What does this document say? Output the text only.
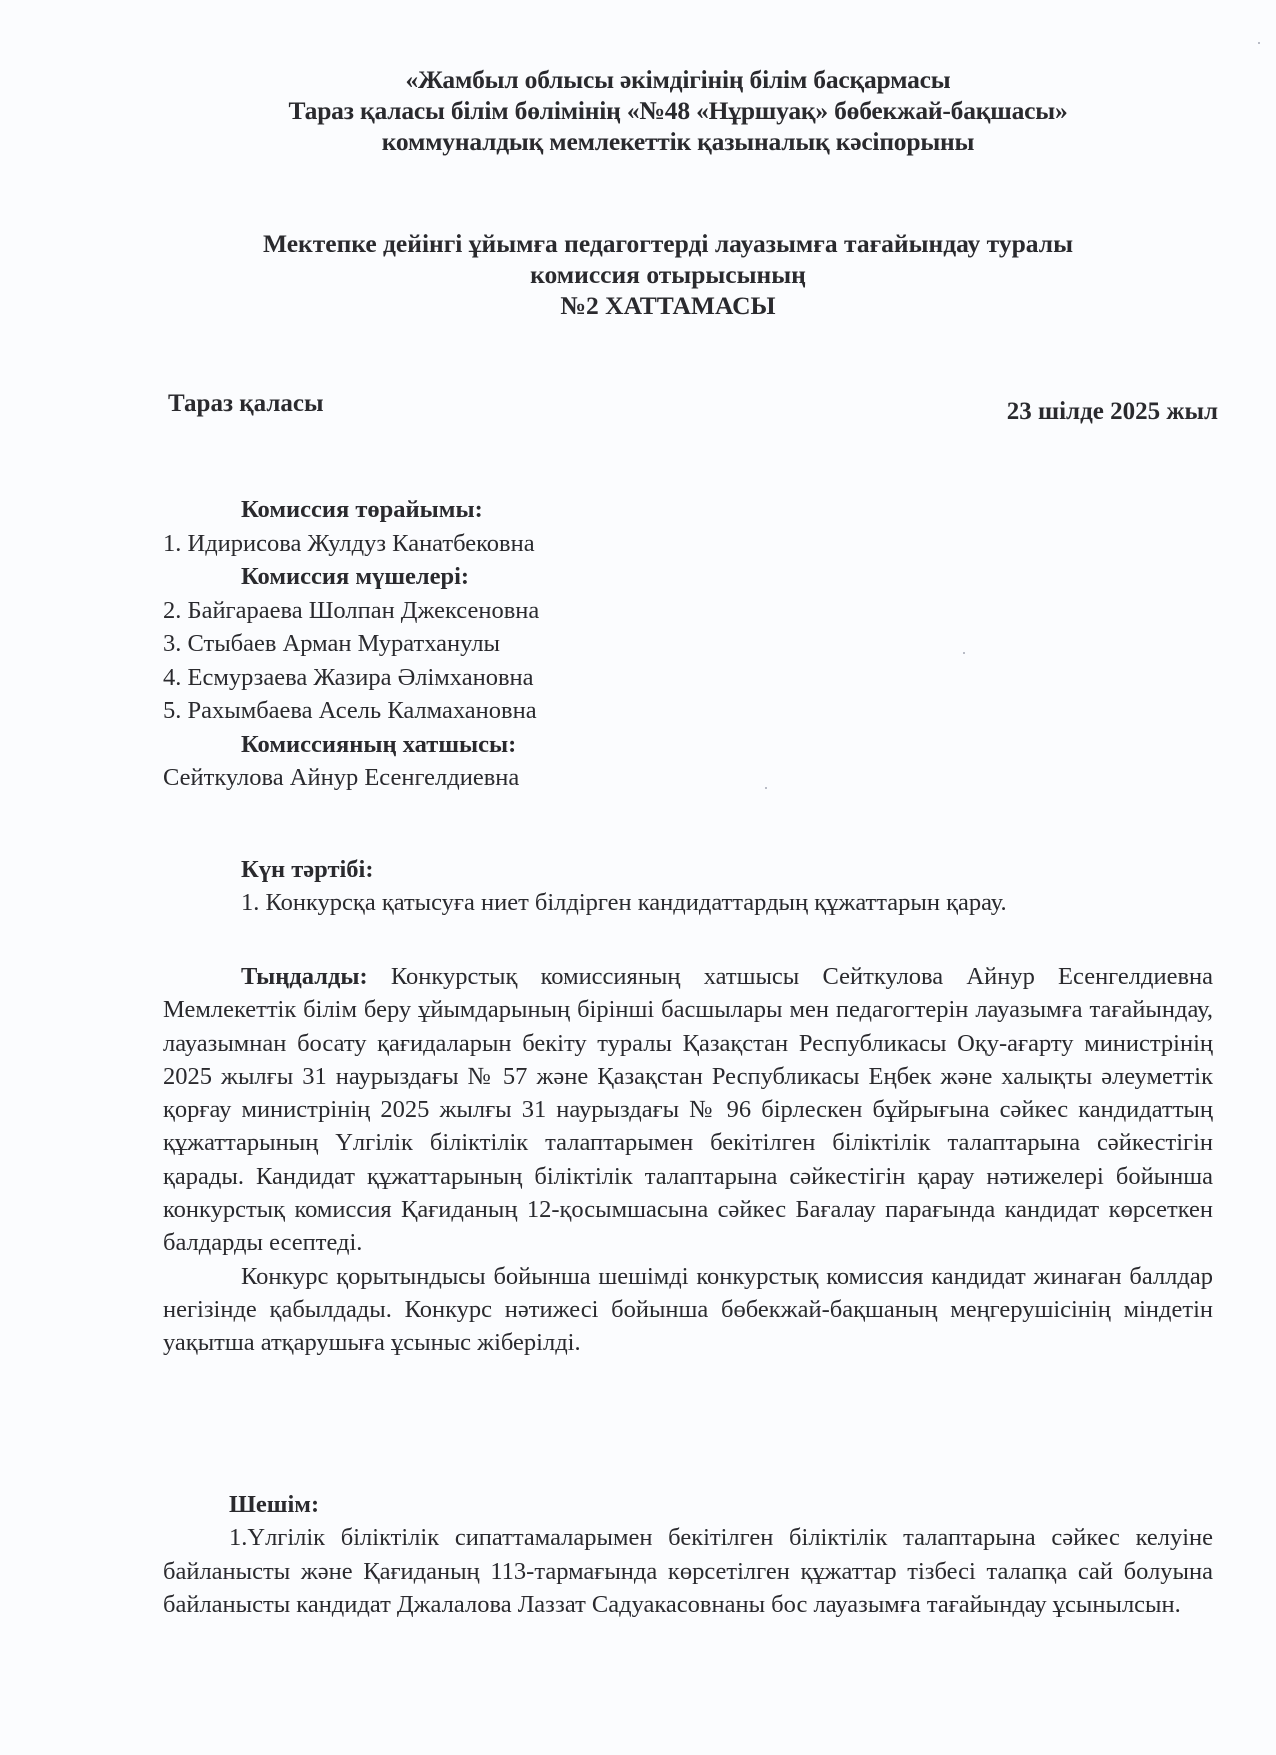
«Жамбыл облысы әкімдігінің білім басқармасы
Тараз қаласы білім бөлімінің «№48 «Нұршуақ» бөбекжай-бақшасы»
коммуналдық мемлекеттік қазыналық кәсіпорыны
Мектепке дейінгі ұйымға педагогтерді лауазымға тағайындау туралы
комиссия отырысының
№2 ХАТТАМАСЫ
Тараз қаласы	23 шілде 2025 жыл
Комиссия төрайымы:
1. Идирисова Жулдуз Канатбековна
Комиссия мүшелері:
2. Байгараева Шолпан Джексеновна
3. Стыбаев Арман Муратханулы
4. Есмурзаева Жазира Әлімхановна
5. Рахымбаева Асель Калмахановна
Комиссияның хатшысы:
Сейткулова Айнур Есенгелдиевна
Күн тәртібі:
1. Конкурсқа қатысуға ниет білдірген кандидаттардың құжаттарын қарау.

Тыңдалды: Конкурстық комиссияның хатшысы Сейткулова Айнур Есенгелдиевна Мемлекеттік білім беру ұйымдарының бірінші басшылары мен педагогтерін лауазымға тағайындау, лауазымнан босату қағидаларын бекіту туралы Қазақстан Республикасы Оқу-ағарту министрінің 2025 жылғы 31 наурыздағы № 57 және Қазақстан Республикасы Еңбек және халықты әлеуметтік қорғау министрінің 2025 жылғы 31 наурыздағы № 96 бірлескен бұйрығына сәйкес кандидаттың құжаттарының Үлгілік біліктілік талаптарымен бекітілген біліктілік талаптарына сәйкестігін қарады. Кандидат құжаттарының біліктілік талаптарына сәйкестігін қарау нәтижелері бойынша конкурстық комиссия Қағиданың 12-қосымшасына сәйкес Бағалау парағында кандидат көрсеткен балдарды есептеді.

Конкурс қорытындысы бойынша шешімді конкурстық комиссия кандидат жинаған баллдар негізінде қабылдады. Конкурс нәтижесі бойынша бөбекжай-бақшаның меңгерушісінің міндетін уақытша атқарушыға ұсыныс жіберілді.

Шешім:

1.Үлгілік біліктілік сипаттамаларымен бекітілген біліктілік талаптарына сәйкес келуіне байланысты және Қағиданың 113-тармағында көрсетілген құжаттар тізбесі талапқа сай болуына байланысты кандидат Джалалова Лаззат Садуакасовнаны бос лауазымға тағайындау ұсынылсын.
